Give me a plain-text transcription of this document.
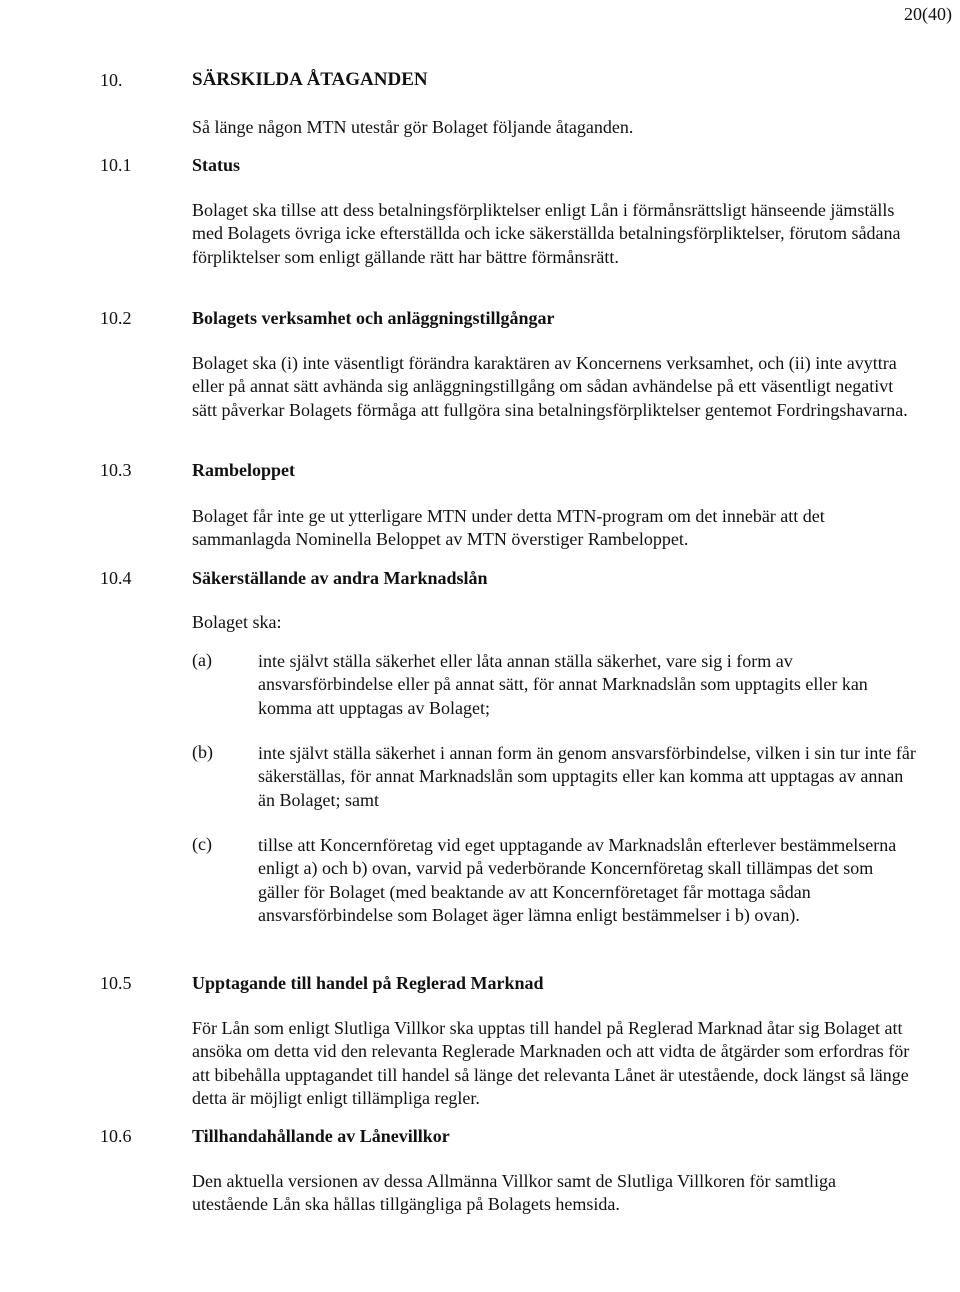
20(40)
10.	SÄRSKILDA ÅTAGANDEN

Så länge någon MTN utestår gör Bolaget följande åtaganden.

10.1	Status

Bolaget ska tillse att dess betalningsförpliktelser enligt Lån i förmånsrättsligt hänseende jämställs med Bolagets övriga icke efterställda och icke säkerställda betalningsförpliktelser, förutom sådana förpliktelser som enligt gällande rätt har bättre förmånsrätt.

10.2	Bolagets verksamhet och anläggningstillgångar

Bolaget ska (i) inte väsentligt förändra karaktären av Koncernens verksamhet, och (ii) inte avyttra eller på annat sätt avhända sig anläggningstillgång om sådan avhändelse på ett väsentligt negativt sätt påverkar Bolagets förmåga att fullgöra sina betalningsförpliktelser gentemot Fordringshavarna.

10.3	Rambeloppet

Bolaget får inte ge ut ytterligare MTN under detta MTN-program om det innebär att det sammanlagda Nominella Beloppet av MTN överstiger Rambeloppet.

10.4	Säkerställande av andra Marknadslån

Bolaget ska:

(a)	inte självt ställa säkerhet eller låta annan ställa säkerhet, vare sig i form av ansvarsförbindelse eller på annat sätt, för annat Marknadslån som upptagits eller kan komma att upptagas av Bolaget;

(b)	inte självt ställa säkerhet i annan form än genom ansvarsförbindelse, vilken i sin tur inte får säkerställas, för annat Marknadslån som upptagits eller kan komma att upptagas av annan än Bolaget; samt

(c)	tillse att Koncernföretag vid eget upptagande av Marknadslån efterlever bestämmelserna enligt a) och b) ovan, varvid på vederbörande Koncernföretag skall tillämpas det som gäller för Bolaget (med beaktande av att Koncernföretaget får mottaga sådan ansvarsförbindelse som Bolaget äger lämna enligt bestämmelser i b) ovan).

10.5	Upptagande till handel på Reglerad Marknad

För Lån som enligt Slutliga Villkor ska upptas till handel på Reglerad Marknad åtar sig Bolaget att ansöka om detta vid den relevanta Reglerade Marknaden och att vidta de åtgärder som erfordras för att bibehålla upptagandet till handel så länge det relevanta Lånet är utestående, dock längst så länge detta är möjligt enligt tillämpliga regler.

10.6	Tillhandahållande av Lånevillkor

Den aktuella versionen av dessa Allmänna Villkor samt de Slutliga Villkoren för samtliga utestående Lån ska hållas tillgängliga på Bolagets hemsida.
